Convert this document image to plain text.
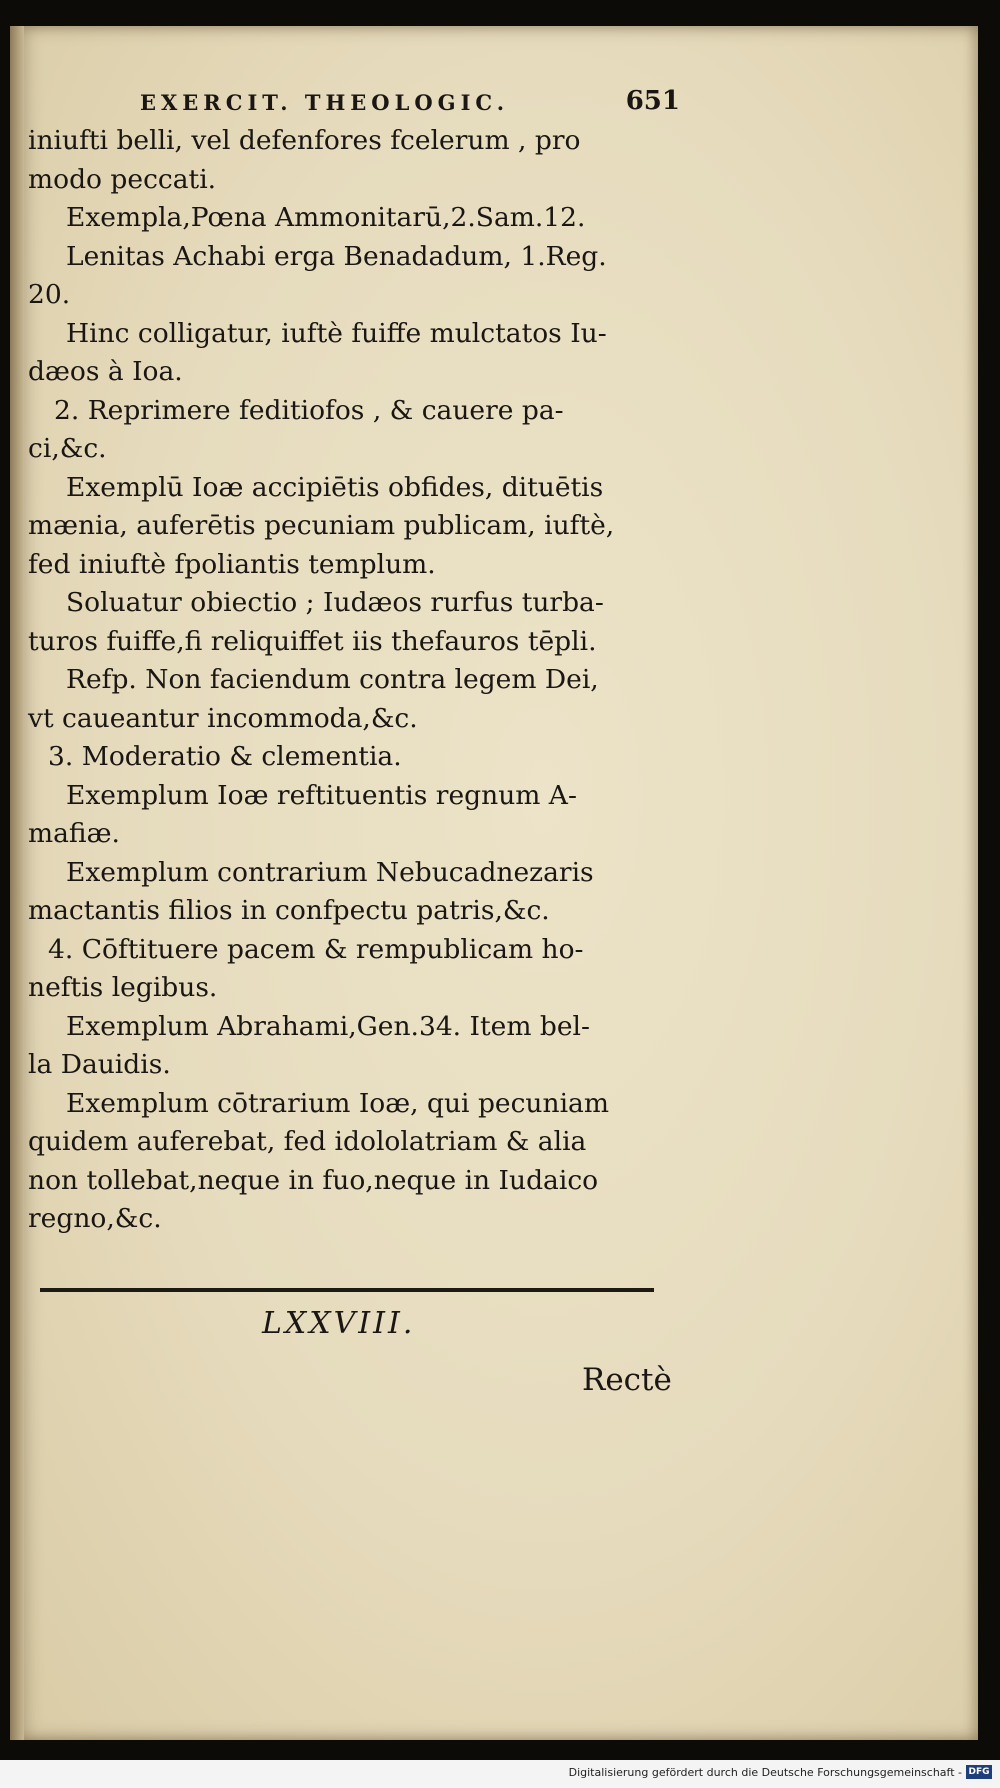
EXERCIT. THEOLOGIC.	651
iniufti belli, vel defenfores fcelerum , pro
modo peccati.
Exempla,Pœna Ammonitarū,2.Sam.12.
Lenitas Achabi erga Benadadum, 1.Reg.
20.
Hinc colligatur, iuftè fuiffe mulctatos Iu-
dæos à Ioa.
2. Reprimere feditiofos , & cauere pa-
ci,&c.
Exemplū Ioæ accipiētis obfides, dituētis
mænia, auferētis pecuniam publicam, iuftè,
fed iniuftè fpoliantis templum.
Soluatur obiectio ; Iudæos rurfus turba-
turos fuiffe,fi reliquiffet iis thefauros tēpli.
Refp. Non faciendum contra legem Dei,
vt caueantur incommoda,&c.
3. Moderatio & clementia.
Exemplum Ioæ reftituentis regnum A-
mafiæ.
Exemplum contrarium Nebucadnezaris
mactantis filios in confpectu patris,&c.
4. Cōftituere pacem & rempublicam ho-
neftis legibus.
Exemplum Abrahami,Gen.34. Item bel-
la Dauidis.
Exemplum cōtrarium Ioæ, qui pecuniam
quidem auferebat, fed idololatriam & alia
non tollebat,neque in fuo,neque in Iudaico
regno,&c.
LXXVIII.
Rectè
Digitalisierung gefördert durch die Deutsche Forschungsgemeinschaft - DFG
